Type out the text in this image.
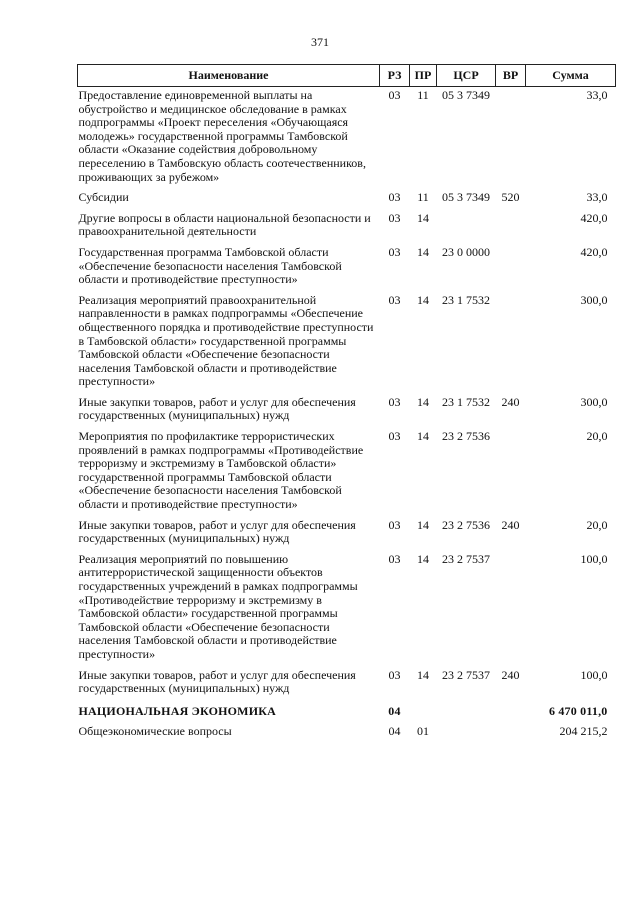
371
Наименование	РЗ	ПР	ЦСР	ВР	Сумма
Предоставление единовременной выплаты на обустройство и медицинское обследование в рамках подпрограммы «Проект переселения «Обучающаяся молодежь» государственной программы Тамбовской области «Оказание содействия добровольному переселению в Тамбовскую область соотечественников, проживающих за рубежом»	03	11	05 3 7349		33,0
Субсидии	03	11	05 3 7349	520	33,0
Другие вопросы в области национальной безопасности и правоохранительной деятельности	03	14			420,0
Государственная программа Тамбовской области «Обеспечение безопасности населения Тамбовской области и противодействие преступности»	03	14	23 0 0000		420,0
Реализация мероприятий правоохранительной направленности в рамках подпрограммы «Обеспечение общественного порядка и противодействие преступности в Тамбовской области» государственной программы Тамбовской области «Обеспечение безопасности населения Тамбовской области и противодействие преступности»	03	14	23 1 7532		300,0
Иные закупки товаров, работ и услуг для обеспечения государственных (муниципальных) нужд	03	14	23 1 7532	240	300,0
Мероприятия по профилактике террористических проявлений в рамках подпрограммы «Противодействие терроризму и экстремизму в Тамбовской области» государственной программы Тамбовской области «Обеспечение безопасности населения Тамбовской области и противодействие преступности»	03	14	23 2 7536		20,0
Иные закупки товаров, работ и услуг для обеспечения государственных (муниципальных) нужд	03	14	23 2 7536	240	20,0
Реализация мероприятий по повышению антитеррористической защищенности объектов государственных учреждений в рамках подпрограммы «Противодействие терроризму и экстремизму в Тамбовской области» государственной программы Тамбовской области «Обеспечение безопасности населения Тамбовской области и противодействие преступности»	03	14	23 2 7537		100,0
Иные закупки товаров, работ и услуг для обеспечения государственных (муниципальных) нужд	03	14	23 2 7537	240	100,0
НАЦИОНАЛЬНАЯ ЭКОНОМИКА	04				6 470 011,0
Общеэкономические вопросы	04	01			204 215,2
